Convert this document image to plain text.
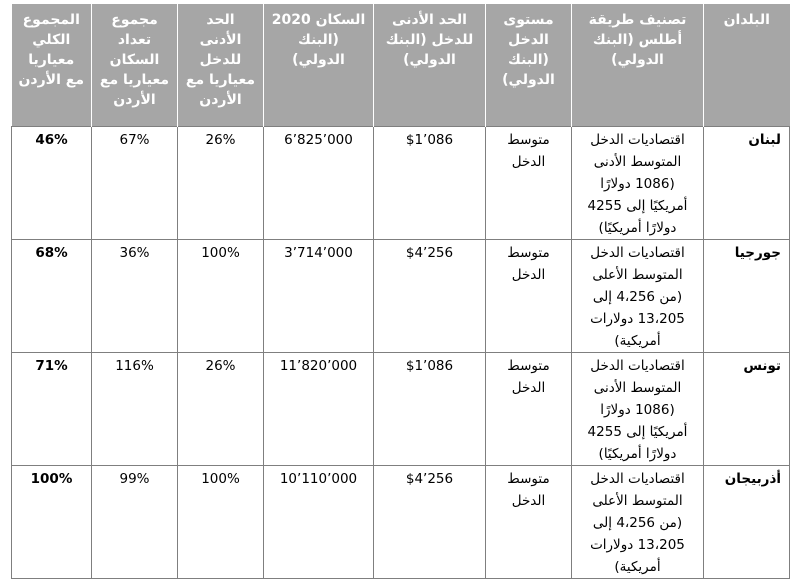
البلدان	تصنيف طريقة أطلس (البنك الدولي)	مستوى الدخل (البنك الدولي)	الحد الأدنى للدخل (البنك الدولي)	السكان 2020 (البنك الدولي)	الحد الأدنى للدخل معياريا مع الأردن	مجموع تعداد السكان معياريا مع الأردن	المجموع الكلي معياريا مع الأردن
لبنان	اقتصاديات الدخل المتوسط الأدنى (1086 دولارًا أمريكيًا إلى 4255 دولارًا أمريكيًا)	متوسط الدخل	$1’086	6’825’000	26%	67%	46%
جورجيا	اقتصاديات الدخل المتوسط الأعلى (من 4،256 إلى 13،205 دولارات أمريكية)	متوسط الدخل	$4’256	3’714’000	100%	36%	68%
تونس	اقتصاديات الدخل المتوسط الأدنى (1086 دولارًا أمريكيًا إلى 4255 دولارًا أمريكيًا)	متوسط الدخل	$1’086	11’820’000	26%	116%	71%
أذربيجان	اقتصاديات الدخل المتوسط الأعلى (من 4،256 إلى 13،205 دولارات أمريكية)	متوسط الدخل	$4’256	10’110’000	100%	99%	100%
